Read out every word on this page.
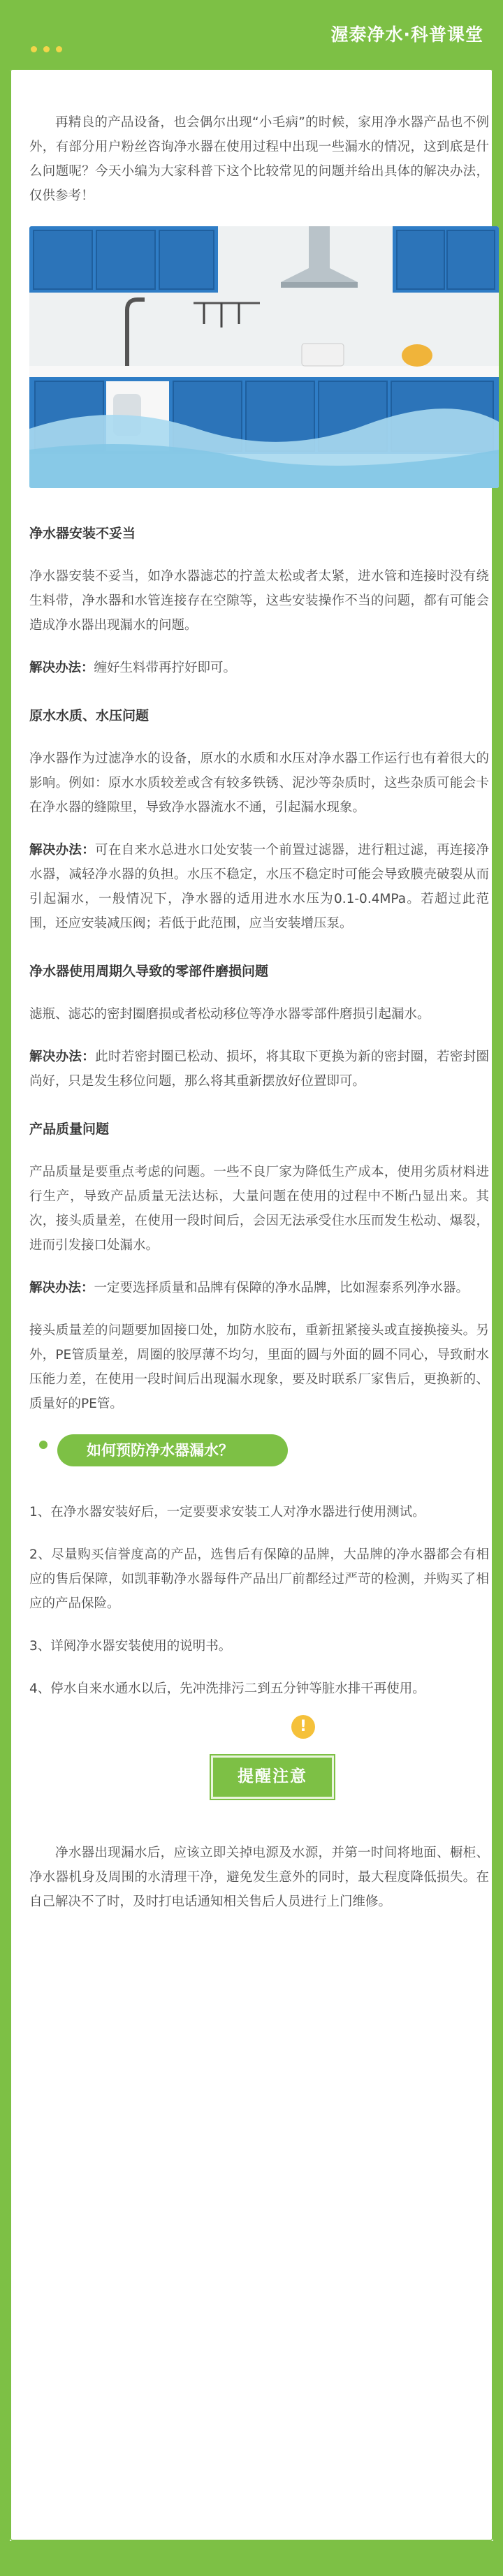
渥泰净水·科普课堂

再精良的产品设备，也会偶尔出现“小毛病”的时候，家用净水器产品也不例外，有部分用户粉丝咨询净水器在使用过程中出现一些漏水的情况，这到底是什么问题呢？今天小编为大家科普下这个比较常见的问题并给出具体的解决办法，仅供参考！

净水器安装不妥当

净水器安装不妥当，如净水器滤芯的拧盖太松或者太紧，进水管和连接时没有绕生料带，净水器和水管连接存在空隙等，这些安装操作不当的问题，都有可能会造成净水器出现漏水的问题。

解决办法：缠好生料带再拧好即可。

原水水质、水压问题

净水器作为过滤净水的设备，原水的水质和水压对净水器工作运行也有着很大的影响。例如：原水水质较差或含有较多铁锈、泥沙等杂质时，这些杂质可能会卡在净水器的缝隙里，导致净水器流水不通，引起漏水现象。

解决办法：可在自来水总进水口处安装一个前置过滤器，进行粗过滤，再连接净水器，减轻净水器的负担。水压不稳定，水压不稳定时可能会导致膜壳破裂从而引起漏水，一般情况下，净水器的适用进水水压为0.1-0.4MPa。若超过此范围，还应安装减压阀；若低于此范围，应当安装增压泵。

净水器使用周期久导致的零部件磨损问题

滤瓶、滤芯的密封圈磨损或者松动移位等净水器零部件磨损引起漏水。

解决办法：此时若密封圈已松动、损坏，将其取下更换为新的密封圈，若密封圈尚好，只是发生移位问题，那么将其重新摆放好位置即可。

产品质量问题

产品质量是要重点考虑的问题。一些不良厂家为降低生产成本，使用劣质材料进行生产，导致产品质量无法达标，大量问题在使用的过程中不断凸显出来。其次，接头质量差，在使用一段时间后，会因无法承受住水压而发生松动、爆裂，进而引发接口处漏水。

解决办法：一定要选择质量和品牌有保障的净水品牌，比如渥泰系列净水器。

接头质量差的问题要加固接口处，加防水胶布，重新扭紧接头或直接换接头。另外，PE管质量差，周圈的胶厚薄不均匀，里面的圆与外面的圆不同心，导致耐水压能力差，在使用一段时间后出现漏水现象，要及时联系厂家售后，更换新的、质量好的PE管。

如何预防净水器漏水？

1、在净水器安装好后，一定要要求安装工人对净水器进行使用测试。

2、尽量购买信誉度高的产品，选售后有保障的品牌，大品牌的净水器都会有相应的售后保障，如凯菲勒净水器每件产品出厂前都经过严苛的检测，并购买了相应的产品保险。

3、详阅净水器安装使用的说明书。

4、停水自来水通水以后，先冲洗排污二到五分钟等脏水排干再使用。

!
提醒注意

净水器出现漏水后，应该立即关掉电源及水源，并第一时间将地面、橱柜、净水器机身及周围的水清理干净，避免发生意外的同时，最大程度降低损失。在自己解决不了时，及时打电话通知相关售后人员进行上门维修。
